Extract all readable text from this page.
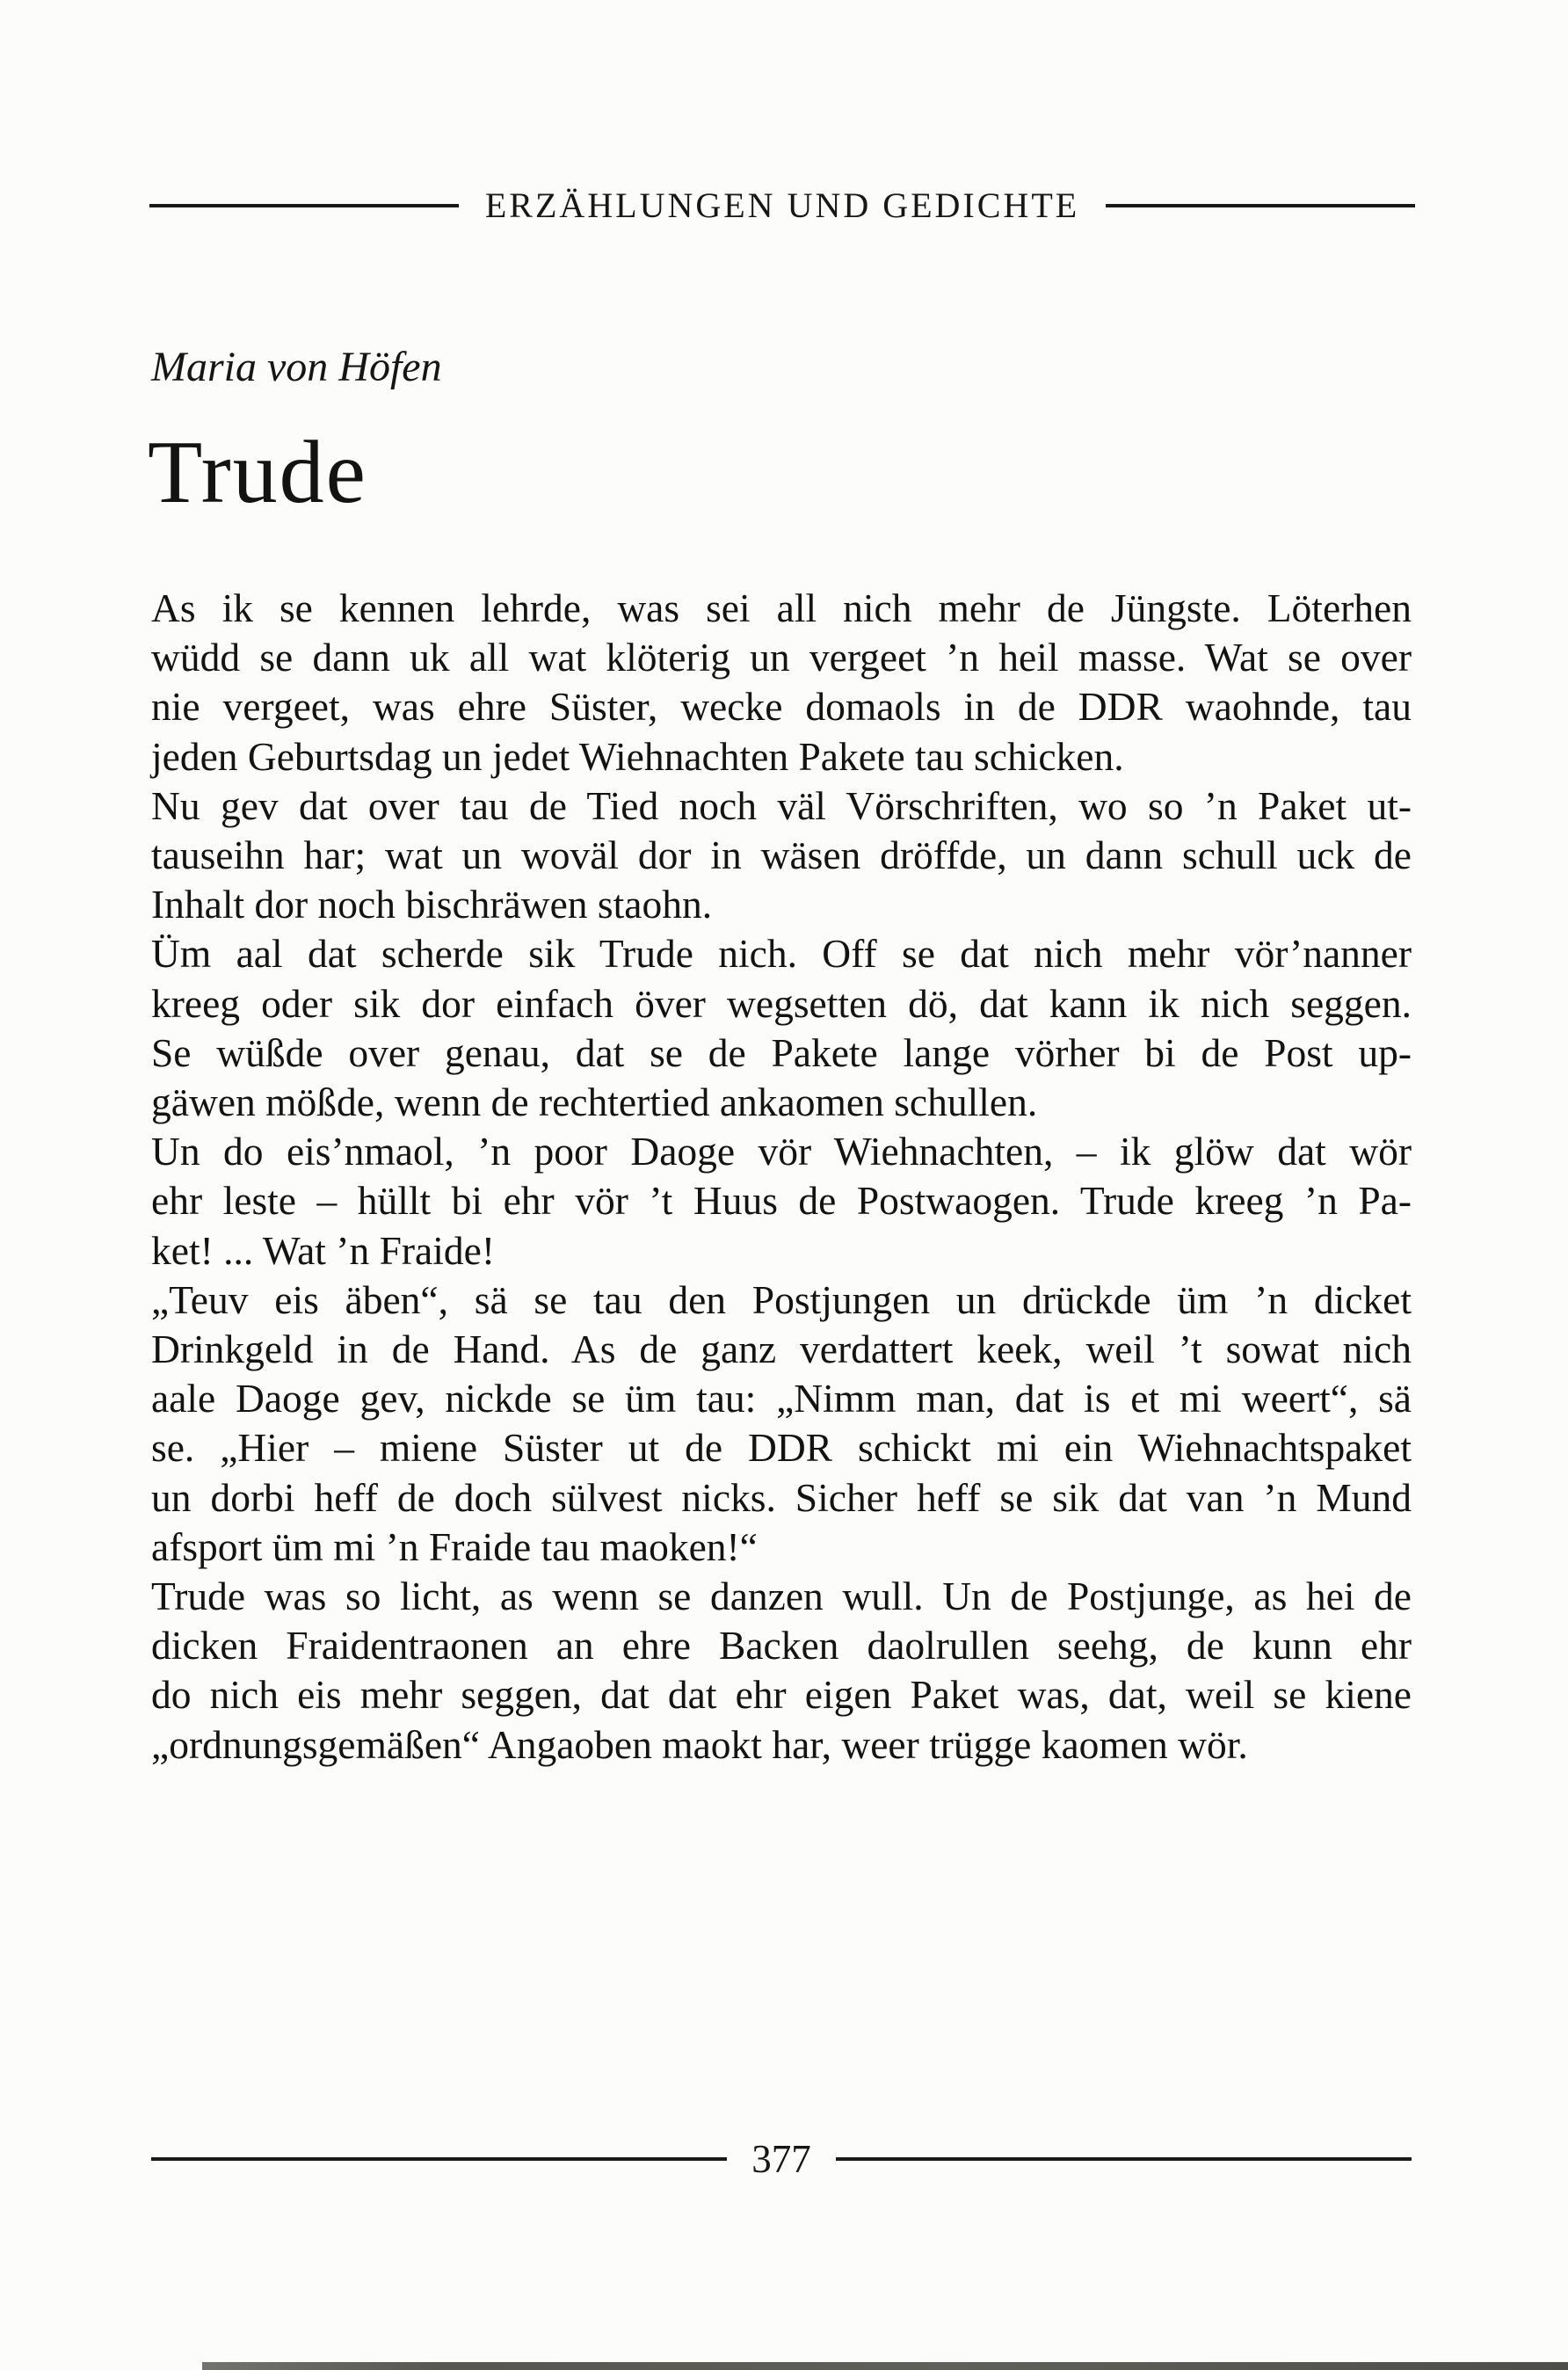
ERZÄHLUNGEN UND GEDICHTE
Maria von Höfen
Trude
As ik se kennen lehrde, was sei all nich mehr de Jüngste. Löterhen
wüdd se dann uk all wat klöterig un vergeet ’n heil masse. Wat se over
nie vergeet, was ehre Süster, wecke domaols in de DDR waohnde, tau
jeden Geburtsdag un jedet Wiehnachten Pakete tau schicken.
Nu gev dat over tau de Tied noch väl Vörschriften, wo so ’n Paket ut-
tauseihn har; wat un woväl dor in wäsen dröffde, un dann schull uck de
Inhalt dor noch bischräwen staohn.
Üm aal dat scherde sik Trude nich. Off se dat nich mehr vör’nanner
kreeg oder sik dor einfach över wegsetten dö, dat kann ik nich seggen.
Se wüßde over genau, dat se de Pakete lange vörher bi de Post up-
gäwen mößde, wenn de rechtertied ankaomen schullen.
Un do eis’nmaol, ’n poor Daoge vör Wiehnachten, – ik glöw dat wör
ehr leste – hüllt bi ehr vör ’t Huus de Postwaogen. Trude kreeg ’n Pa-
ket! ... Wat ’n Fraide!
„Teuv eis äben“, sä se tau den Postjungen un drückde üm ’n dicket
Drinkgeld in de Hand. As de ganz verdattert keek, weil ’t sowat nich
aale Daoge gev, nickde se üm tau: „Nimm man, dat is et mi weert“, sä
se. „Hier – miene Süster ut de DDR schickt mi ein Wiehnachtspaket
un dorbi heff de doch sülvest nicks. Sicher heff se sik dat van ’n Mund
afsport üm mi ’n Fraide tau maoken!“
Trude was so licht, as wenn se danzen wull. Un de Postjunge, as hei de
dicken Fraidentraonen an ehre Backen daolrullen seehg, de kunn ehr
do nich eis mehr seggen, dat dat ehr eigen Paket was, dat, weil se kiene
„ordnungsgemäßen“ Angaoben maokt har, weer trügge kaomen wör.
377
